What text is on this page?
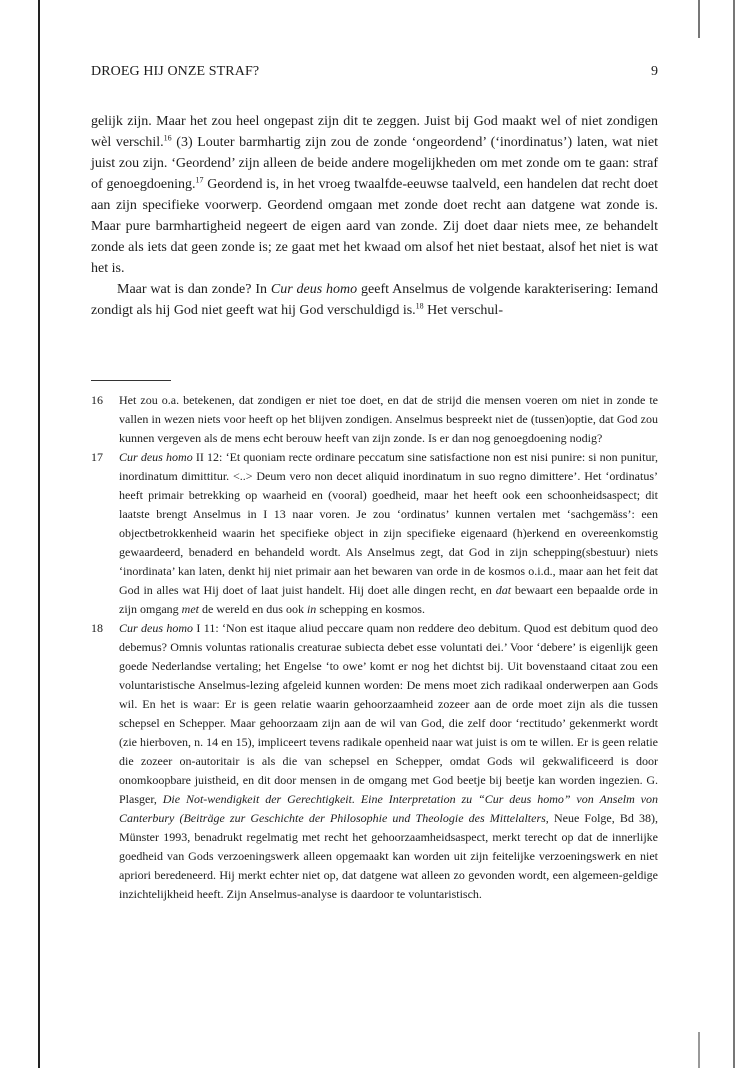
DROEG HIJ ONZE STRAF?	9

gelijk zijn. Maar het zou heel ongepast zijn dit te zeggen. Juist bij God maakt wel of niet zondigen wèl verschil.$^{16}$ (3) Louter barmhartig zijn zou de zonde ‘ongeordend’ (‘inordinatus’) laten, wat niet juist zou zijn. ‘Geordend’ zijn alleen de beide andere mogelijkheden om met zonde om te gaan: straf of genoegdoening.$^{17}$ Geordend is, in het vroeg twaalfde-eeuwse taalveld, een handelen dat recht doet aan zijn specifieke voorwerp. Geordend omgaan met zonde doet recht aan datgene wat zonde is. Maar pure barmhartigheid negeert de eigen aard van zonde. Zij doet daar niets mee, ze behandelt zonde als iets dat geen zonde is; ze gaat met het kwaad om alsof het niet bestaat, alsof het niet is wat het is.

Maar wat is dan zonde? In Cur deus homo geeft Anselmus de volgende karakterisering: Iemand zondigt als hij God niet geeft wat hij God verschuldigd is.$^{18}$ Het verschul-

16	Het zou o.a. betekenen, dat zondigen er niet toe doet, en dat de strijd die mensen voeren om niet in zonde te vallen in wezen niets voor heeft op het blijven zondigen. Anselmus bespreekt niet de (tussen)optie, dat God zou kunnen vergeven als de mens echt berouw heeft van zijn zonde. Is er dan nog genoegdoening nodig?
17	Cur deus homo II 12: ‘Et quoniam recte ordinare peccatum sine satisfactione non est nisi punire: si non punitur, inordinatum dimittitur. <..> Deum vero non decet aliquid inordinatum in suo regno dimittere’. Het ‘ordinatus’ heeft primair betrekking op waarheid en (vooral) goedheid, maar het heeft ook een schoonheidsaspect; dit laatste brengt Anselmus in I 13 naar voren. Je zou ‘ordinatus’ kunnen vertalen met ‘sachgemäss’: een objectbetrokkenheid waarin het specifieke object in zijn specifieke eigenaard (h)erkend en overeenkomstig gewaardeerd, benaderd en behandeld wordt. Als Anselmus zegt, dat God in zijn schepping(sbestuur) niets ‘inordinata’ kan laten, denkt hij niet primair aan het bewaren van orde in de kosmos o.i.d., maar aan het feit dat God in alles wat Hij doet of laat juist handelt. Hij doet alle dingen recht, en dat bewaart een bepaalde orde in zijn omgang met de wereld en dus ook in schepping en kosmos.
18	Cur deus homo I 11: ‘Non est itaque aliud peccare quam non reddere deo debitum. Quod est debitum quod deo debemus? Omnis voluntas rationalis creaturae subiecta debet esse voluntati dei.’ Voor ‘debere’ is eigenlijk geen goede Nederlandse vertaling; het Engelse ‘to owe’ komt er nog het dichtst bij. Uit bovenstaand citaat zou een voluntaristische Anselmus-lezing afgeleid kunnen worden: De mens moet zich radikaal onderwerpen aan Gods wil. En het is waar: Er is geen relatie waarin gehoorzaamheid zozeer aan de orde moet zijn als die tussen schepsel en Schepper. Maar gehoorzaam zijn aan de wil van God, die zelf door ‘rectitudo’ gekenmerkt wordt (zie hierboven, n. 14 en 15), impliceert tevens radikale openheid naar wat juist is om te willen. Er is geen relatie die zozeer on-autoritair is als die van schepsel en Schepper, omdat Gods wil gekwalificeerd is door onomkoopbare juistheid, en dit door mensen in de omgang met God beetje bij beetje kan worden ingezien. G. Plasger, Die Not-wendigkeit der Gerechtigkeit. Eine Interpretation zu “Cur deus homo” von Anselm von Canterbury (Beiträge zur Geschichte der Philosophie und Theologie des Mittelalters, Neue Folge, Bd 38), Münster 1993, benadrukt regelmatig met recht het gehoorzaamheidsaspect, merkt terecht op dat de innerlijke goedheid van Gods verzoeningswerk alleen opgemaakt kan worden uit zijn feitelijke verzoeningswerk en niet apriori beredeneerd. Hij merkt echter niet op, dat datgene wat alleen zo gevonden wordt, een algemeen-geldige inzichtelijkheid heeft. Zijn Anselmus-analyse is daardoor te voluntaristisch.
